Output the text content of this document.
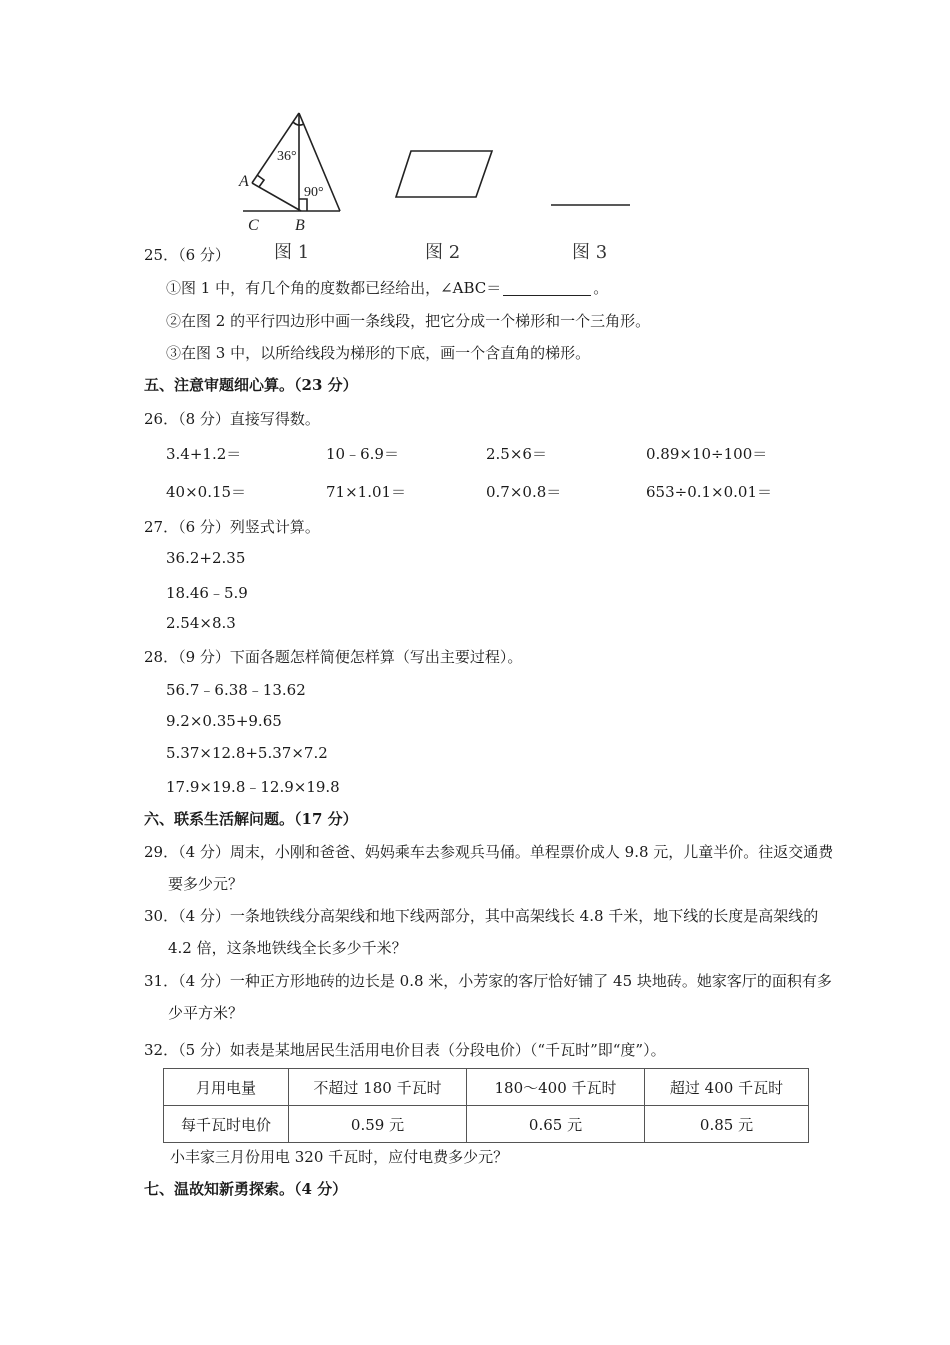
A
C B
36°
90°
图 1	图 2	图 3
25．（6 分）
①图 1 中，有几个角的度数都已经给出，∠ABC＝	。
②在图 2 的平行四边形中画一条线段，把它分成一个梯形和一个三角形。
③在图 3 中，以所给线段为梯形的下底，画一个含直角的梯形。
五、注意审题细心算。（23 分）
26．（8 分）直接写得数。
3.4+1.2＝	10﹣6.9＝	2.5×6＝	0.89×10÷100＝
40×0.15＝	71×1.01＝	0.7×0.8＝	653÷0.1×0.01＝
27．（6 分）列竖式计算。
36.2+2.35
18.46﹣5.9
2.54×8.3
28．（9 分）下面各题怎样简便怎样算（写出主要过程）。
56.7﹣6.38﹣13.62
9.2×0.35+9.65
5.37×12.8+5.37×7.2
17.9×19.8﹣12.9×19.8
六、联系生活解问题。（17 分）
29．（4 分）周末，小刚和爸爸、妈妈乘车去参观兵马俑。单程票价成人 9.8 元，儿童半价。往返交通费要多少元？
30．（4 分）一条地铁线分高架线和地下线两部分，其中高架线长 4.8 千米，地下线的长度是高架线的 4.2 倍，这条地铁线全长多少千米？
31．（4 分）一种正方形地砖的边长是 0.8 米，小芳家的客厅恰好铺了 45 块地砖。她家客厅的面积有多少平方米？
32．（5 分）如表是某地居民生活用电价目表（分段电价）（“千瓦时”即“度”）。
月用电量	不超过 180 千瓦时	180～400 千瓦时	超过 400 千瓦时
每千瓦时电价	0.59 元	0.65 元	0.85 元
小丰家三月份用电 320 千瓦时，应付电费多少元？
七、温故知新勇探索。（4 分）
